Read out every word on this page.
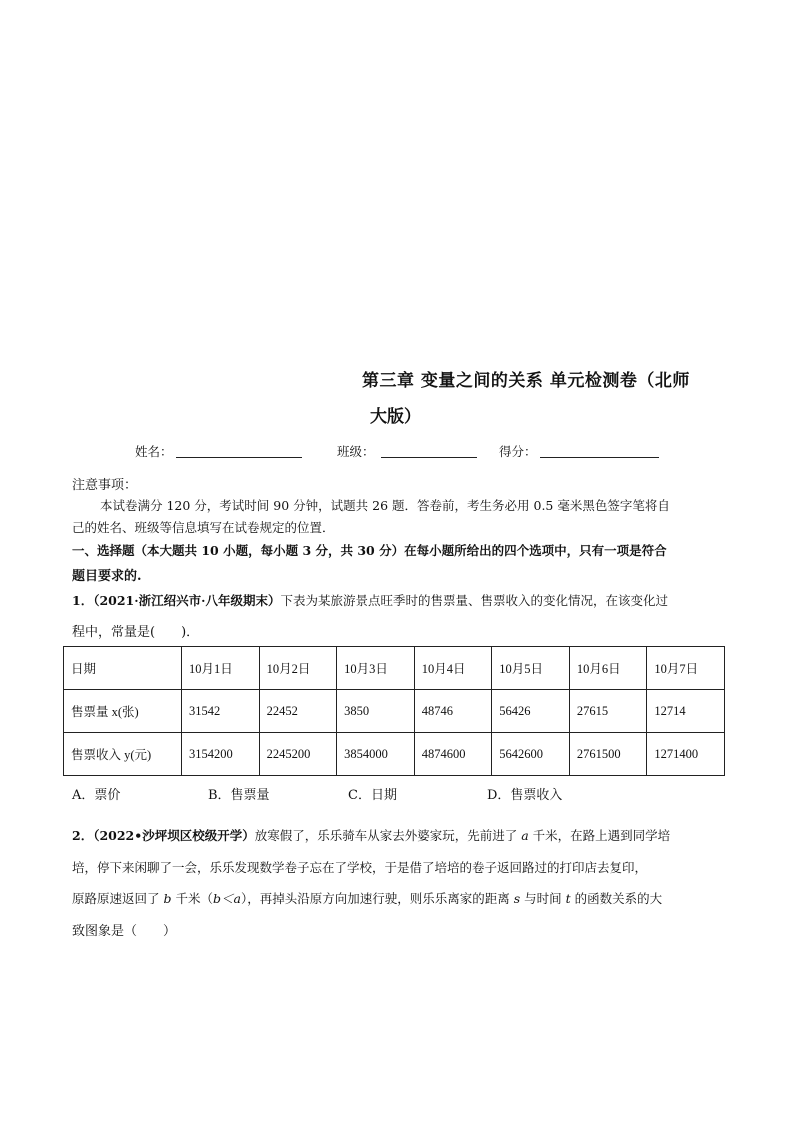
第三章 变量之间的关系 单元检测卷（北师
大版）
姓名：	班级：	得分：
注意事项：
本试卷满分 120 分，考试时间 90 分钟，试题共 26 题．答卷前，考生务必用 0.5 毫米黑色签字笔将自
己的姓名、班级等信息填写在试卷规定的位置．
一、选择题（本大题共 10 小题，每小题 3 分，共 30 分）在每小题所给出的四个选项中，只有一项是符合
题目要求的.
1．（2021·浙江绍兴市·八年级期末）下表为某旅游景点旺季时的售票量、售票收入的变化情况，在该变化过
程中，常量是(　　)．
日期	10月1日	10月2日	10月3日	10月4日	10月5日	10月6日	10月7日
售票量 x(张)	31542	22452	3850	48746	56426	27615	12714
售票收入 y(元)	3154200	2245200	3854000	4874600	5642600	2761500	1271400
A．票价	B．售票量	C．日期	D．售票收入
2．（2022•沙坪坝区校级开学）放寒假了，乐乐骑车从家去外婆家玩，先前进了 a 千米，在路上遇到同学培
培，停下来闲聊了一会，乐乐发现数学卷子忘在了学校，于是借了培培的卷子返回路过的打印店去复印，
原路原速返回了 b 千米（b＜a），再掉头沿原方向加速行驶，则乐乐离家的距离 s 与时间 t 的函数关系的大
致图象是（　　）
